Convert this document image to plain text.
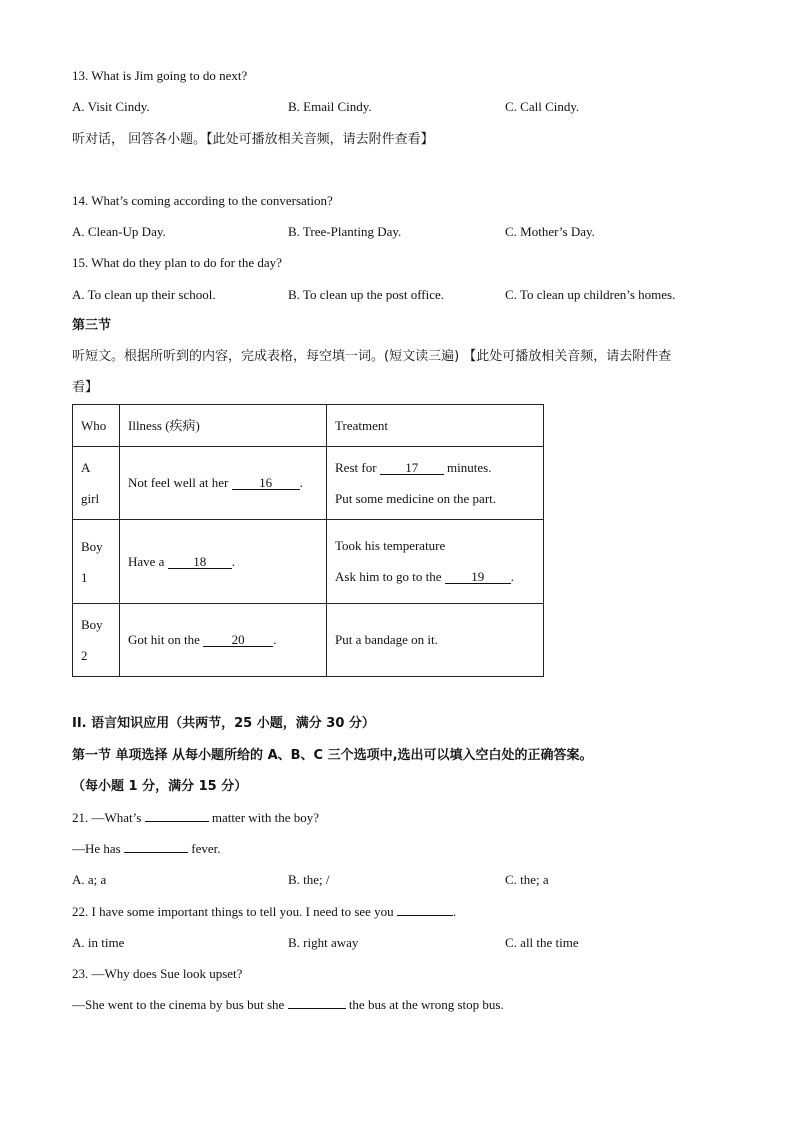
13. What is Jim going to do next?
A. Visit Cindy.	B. Email Cindy.	C. Call Cindy.
听对话， 回答各小题。【此处可播放相关音频，请去附件查看】
14. What’s coming according to the conversation?
A. Clean-Up Day.	B. Tree-Planting Day.	C. Mother’s Day.
15. What do they plan to do for the day?
A. To clean up their school.	B. To clean up the post office.	C. To clean up children’s homes.
第三节
听短文。根据所听到的内容，完成表格，每空填一词。(短文读三遍) 【此处可播放相关音频，请去附件查
看】
Who	Illness (疾病)	Treatment

A
girl	Not feel well at her 16 .	Rest for 17 minutes.
Put some medicine on the part.

Boy
1	Have a 18 .	Took his temperature
Ask him to go to the 19 .

Boy
2	Got hit on the 20 .	Put a bandage on it.
II. 语言知识应用（共两节，25 小题，满分 30 分）
第一节 单项选择 从每小题所给的 A、B、C 三个选项中,选出可以填入空白处的正确答案。
（每小题 1 分，满分 15 分）
21. —What’s	matter with the boy?
—He has	fever.
A. a; a	B. the; /	C. the; a
22. I have some important things to tell you. I need to see you	.
A. in time	B. right away	C. all the time
23. —Why does Sue look upset?
—She went to the cinema by bus but she	the bus at the wrong stop bus.
